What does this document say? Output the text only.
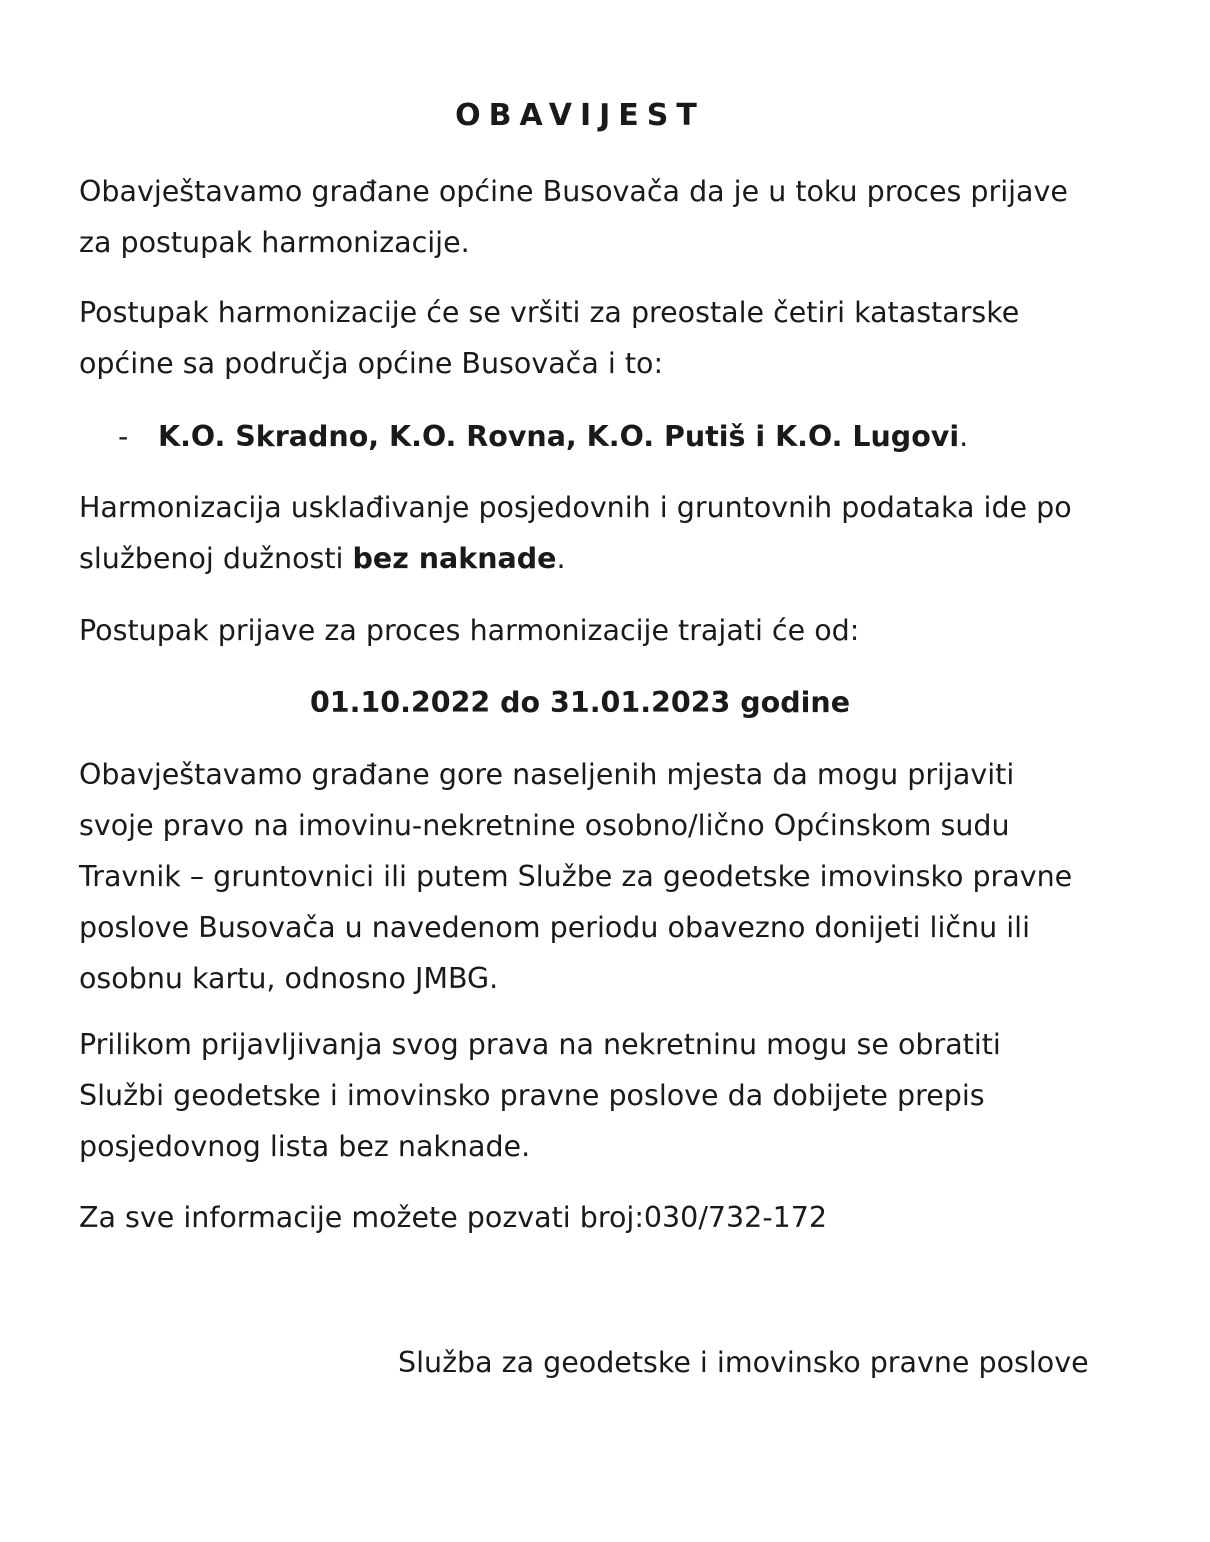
OBAVIJEST

Obavještavamo građane općine Busovača da je u toku proces prijave
za postupak harmonizacije.

Postupak harmonizacije će se vršiti za preostale četiri katastarske
općine sa područja općine Busovača i to:

- K.O. Skradno, K.O. Rovna, K.O. Putiš i K.O. Lugovi.

Harmonizacija usklađivanje posjedovnih i gruntovnih podataka ide po
službenoj dužnosti bez naknade.

Postupak prijave za proces harmonizacije trajati će od:

01.10.2022 do 31.01.2023 godine

Obavještavamo građane gore naseljenih mjesta da mogu prijaviti
svoje pravo na imovinu-nekretnine osobno/lično Općinskom sudu
Travnik – gruntovnici ili putem Službe za geodetske imovinsko pravne
poslove Busovača u navedenom periodu obavezno donijeti ličnu ili
osobnu kartu, odnosno JMBG.

Prilikom prijavljivanja svog prava na nekretninu mogu se obratiti
Službi geodetske i imovinsko pravne poslove da dobijete prepis
posjedovnog lista bez naknade.

Za sve informacije možete pozvati broj:030/732-172

Služba za geodetske i imovinsko pravne poslove
